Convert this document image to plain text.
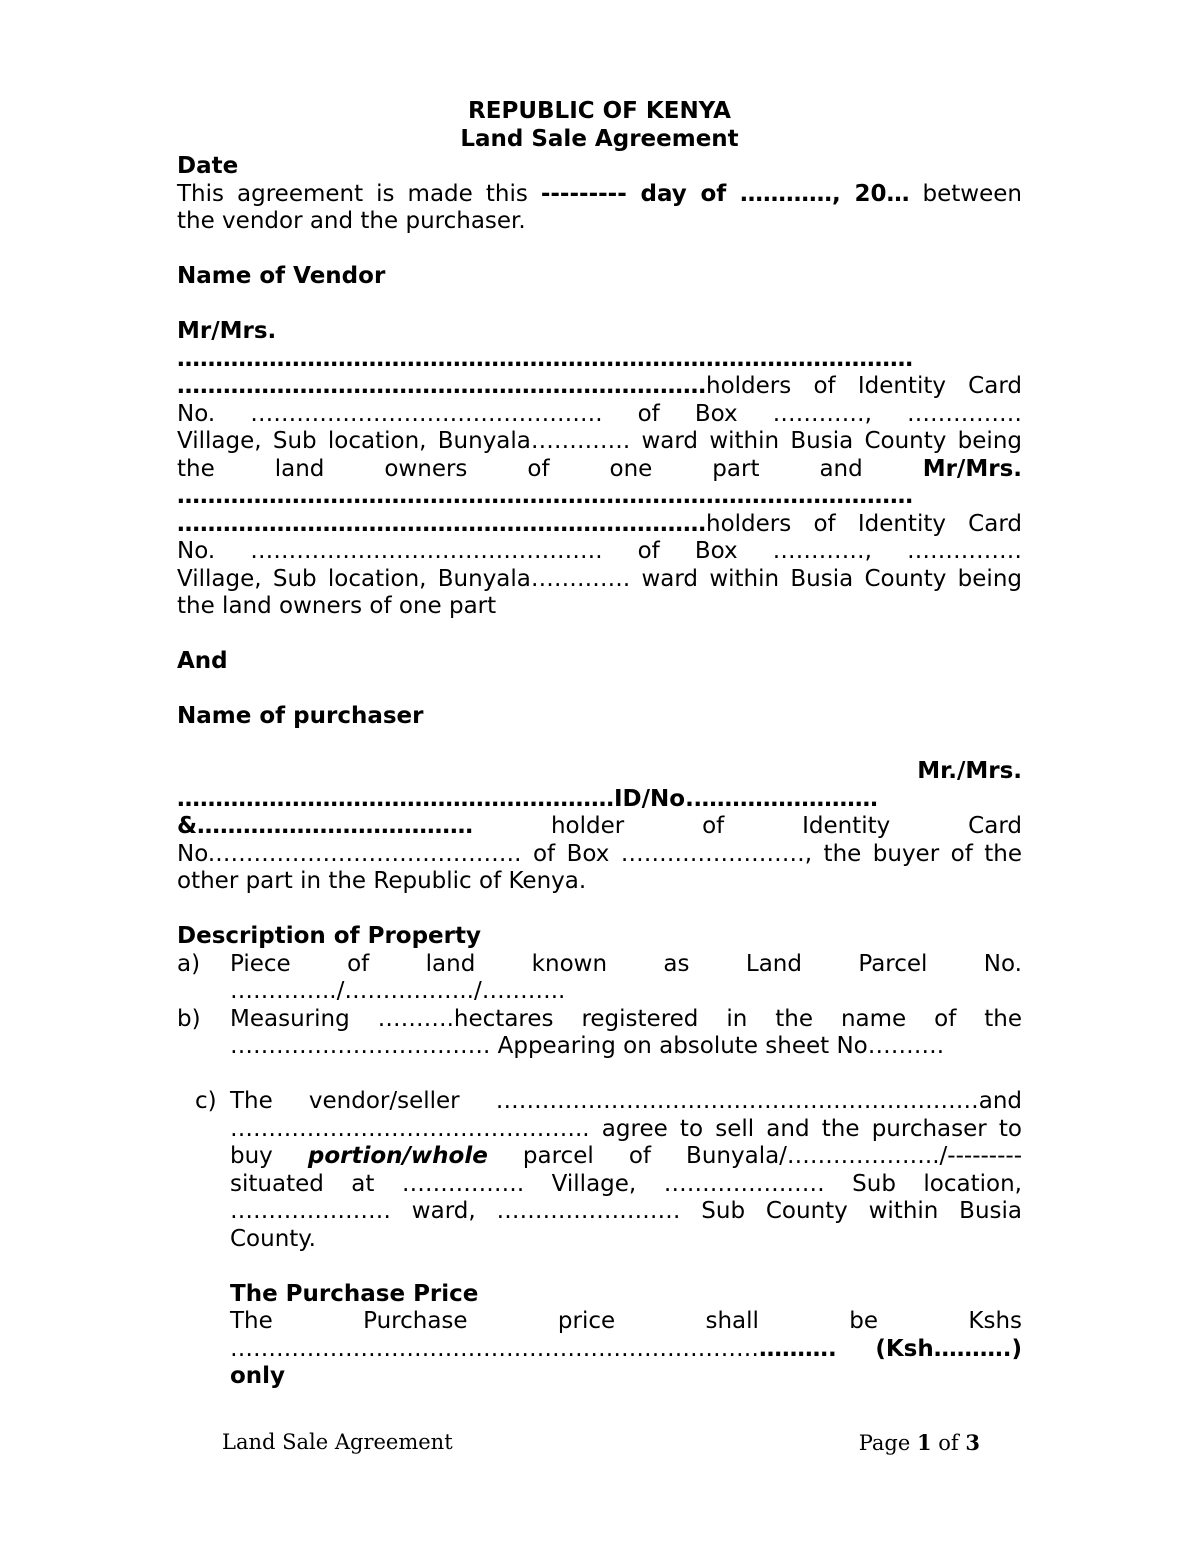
REPUBLIC OF KENYA

Land Sale Agreement

Date

This agreement is made this --------- day of …………, 20… between

the vendor and the purchaser.

Name of Vendor

Mr/Mrs.

……………………………………………………………………………………

……………………………………………………………holders of Identity Card

No. ………………………………………. of Box …………, ……………

Village, Sub location, Bunyala…………. ward within Busia County being

the land owners of one part and Mr/Mrs.

……………………………………………………………………………………

……………………………………………………………holders of Identity Card

No. ………………………………………. of Box …………, ……………

Village, Sub location, Bunyala…………. ward within Busia County being

the land owners of one part

And

Name of purchaser

Mr./Mrs.

…………………………………………………ID/No.……………………

&……………………………… holder of Identity Card

No.…………………………………. of Box ……………………, the buyer of the

other part in the Republic of Kenya.

Description of Property

a)	Piece of land known as Land Parcel No.

…………../……………../………..

b)	Measuring ……….hectares registered in the name of the

……………………………. Appearing on absolute sheet No……….

c) The vendor/seller ………………………………………………………and

……………………………………….. agree to sell and the purchaser to

buy portion/whole parcel of Bunyala/………………../---------

situated at ……………. Village, ………………… Sub location,

………………… ward, …………………… Sub County within Busia

County.

The Purchase Price

The Purchase price shall be Kshs

……………………………………………………………………. (Ksh……….)

only

Land Sale Agreement	Page 1 of 3
